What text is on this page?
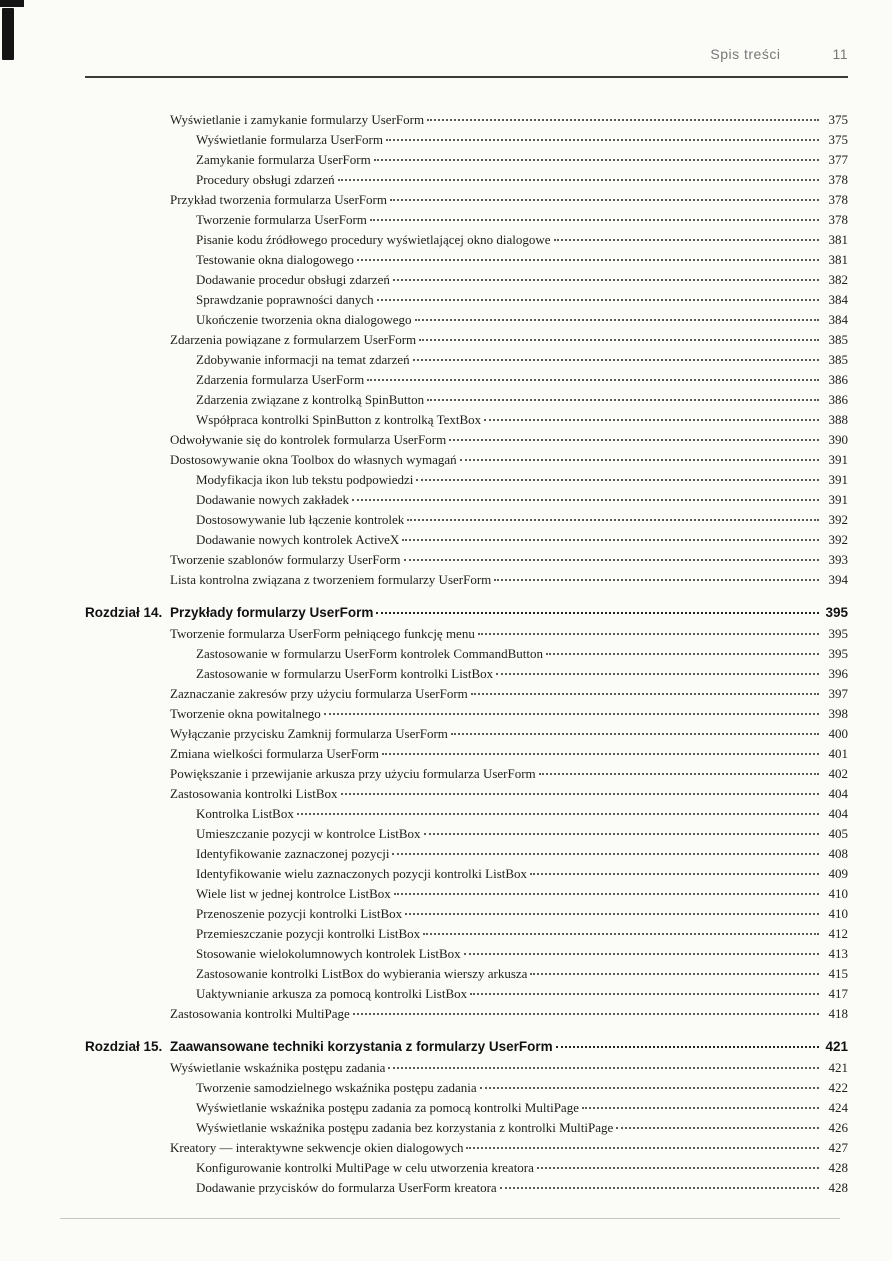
Spis treści	11
Wyświetlanie i zamykanie formularzy UserForm	375
Wyświetlanie formularza UserForm	375
Zamykanie formularza UserForm	377
Procedury obsługi zdarzeń	378
Przykład tworzenia formularza UserForm	378
Tworzenie formularza UserForm	378
Pisanie kodu źródłowego procedury wyświetlającej okno dialogowe	381
Testowanie okna dialogowego	381
Dodawanie procedur obsługi zdarzeń	382
Sprawdzanie poprawności danych	384
Ukończenie tworzenia okna dialogowego	384
Zdarzenia powiązane z formularzem UserForm	385
Zdobywanie informacji na temat zdarzeń	385
Zdarzenia formularza UserForm	386
Zdarzenia związane z kontrolką SpinButton	386
Współpraca kontrolki SpinButton z kontrolką TextBox	388
Odwoływanie się do kontrolek formularza UserForm	390
Dostosowywanie okna Toolbox do własnych wymagań	391
Modyfikacja ikon lub tekstu podpowiedzi	391
Dodawanie nowych zakładek	391
Dostosowywanie lub łączenie kontrolek	392
Dodawanie nowych kontrolek ActiveX	392
Tworzenie szablonów formularzy UserForm	393
Lista kontrolna związana z tworzeniem formularzy UserForm	394
Rozdział 14. Przykłady formularzy UserForm	395
Tworzenie formularza UserForm pełniącego funkcję menu	395
Zastosowanie w formularzu UserForm kontrolek CommandButton	395
Zastosowanie w formularzu UserForm kontrolki ListBox	396
Zaznaczanie zakresów przy użyciu formularza UserForm	397
Tworzenie okna powitalnego	398
Wyłączanie przycisku Zamknij formularza UserForm	400
Zmiana wielkości formularza UserForm	401
Powiększanie i przewijanie arkusza przy użyciu formularza UserForm	402
Zastosowania kontrolki ListBox	404
Kontrolka ListBox	404
Umieszczanie pozycji w kontrolce ListBox	405
Identyfikowanie zaznaczonej pozycji	408
Identyfikowanie wielu zaznaczonych pozycji kontrolki ListBox	409
Wiele list w jednej kontrolce ListBox	410
Przenoszenie pozycji kontrolki ListBox	410
Przemieszczanie pozycji kontrolki ListBox	412
Stosowanie wielokolumnowych kontrolek ListBox	413
Zastosowanie kontrolki ListBox do wybierania wierszy arkusza	415
Uaktywnianie arkusza za pomocą kontrolki ListBox	417
Zastosowania kontrolki MultiPage	418
Rozdział 15. Zaawansowane techniki korzystania z formularzy UserForm	421
Wyświetlanie wskaźnika postępu zadania	421
Tworzenie samodzielnego wskaźnika postępu zadania	422
Wyświetlanie wskaźnika postępu zadania za pomocą kontrolki MultiPage	424
Wyświetlanie wskaźnika postępu zadania bez korzystania z kontrolki MultiPage	426
Kreatory — interaktywne sekwencje okien dialogowych	427
Konfigurowanie kontrolki MultiPage w celu utworzenia kreatora	428
Dodawanie przycisków do formularza UserForm kreatora	428
